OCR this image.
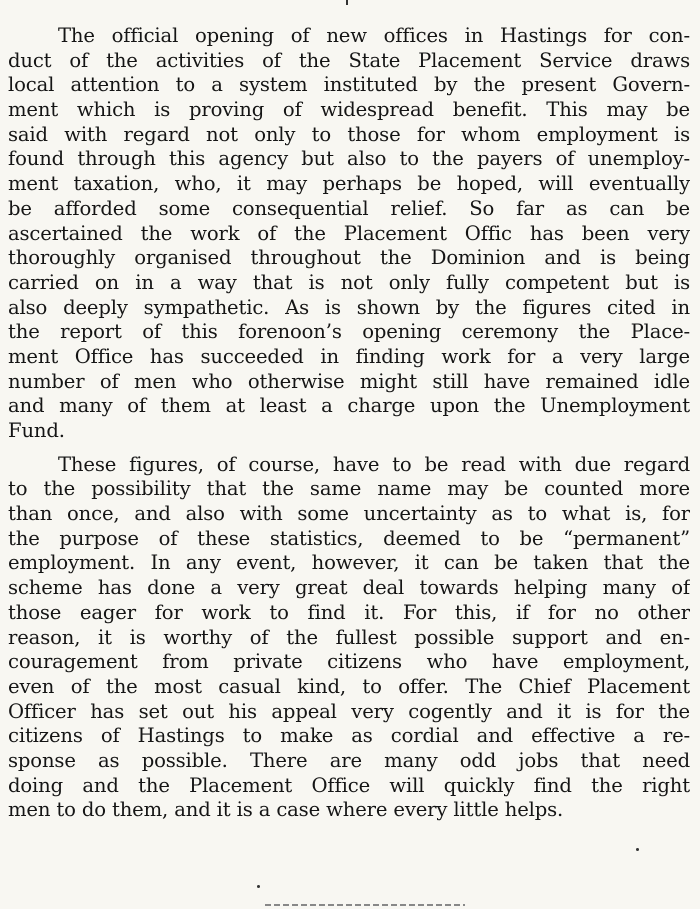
The official opening of new offices in Hastings for con-
duct of the activities of the State Placement Service draws
local attention to a system instituted by the present Govern-
ment which is proving of widespread benefit. This may be
said with regard not only to those for whom employment is
found through this agency but also to the payers of unemploy-
ment taxation, who, it may perhaps be hoped, will eventually
be afforded some consequential relief. So far as can be
ascertained the work of the Placement Offic has been very
thoroughly organised throughout the Dominion and is being
carried on in a way that is not only fully competent but is
also deeply sympathetic. As is shown by the figures cited in
the report of this forenoon’s opening ceremony the Place-
ment Office has succeeded in finding work for a very large
number of men who otherwise might still have remained idle
and many of them at least a charge upon the Unemployment
Fund.
These figures, of course, have to be read with due regard
to the possibility that the same name may be counted more
than once, and also with some uncertainty as to what is, for
the purpose of these statistics, deemed to be “permanent”
employment. In any event, however, it can be taken that the
scheme has done a very great deal towards helping many of
those eager for work to find it. For this, if for no other
reason, it is worthy of the fullest possible support and en-
couragement from private citizens who have employment,
even of the most casual kind, to offer. The Chief Placement
Officer has set out his appeal very cogently and it is for the
citizens of Hastings to make as cordial and effective a re-
sponse as possible. There are many odd jobs that need
doing and the Placement Office will quickly find the right
men to do them, and it is a case where every little helps.
